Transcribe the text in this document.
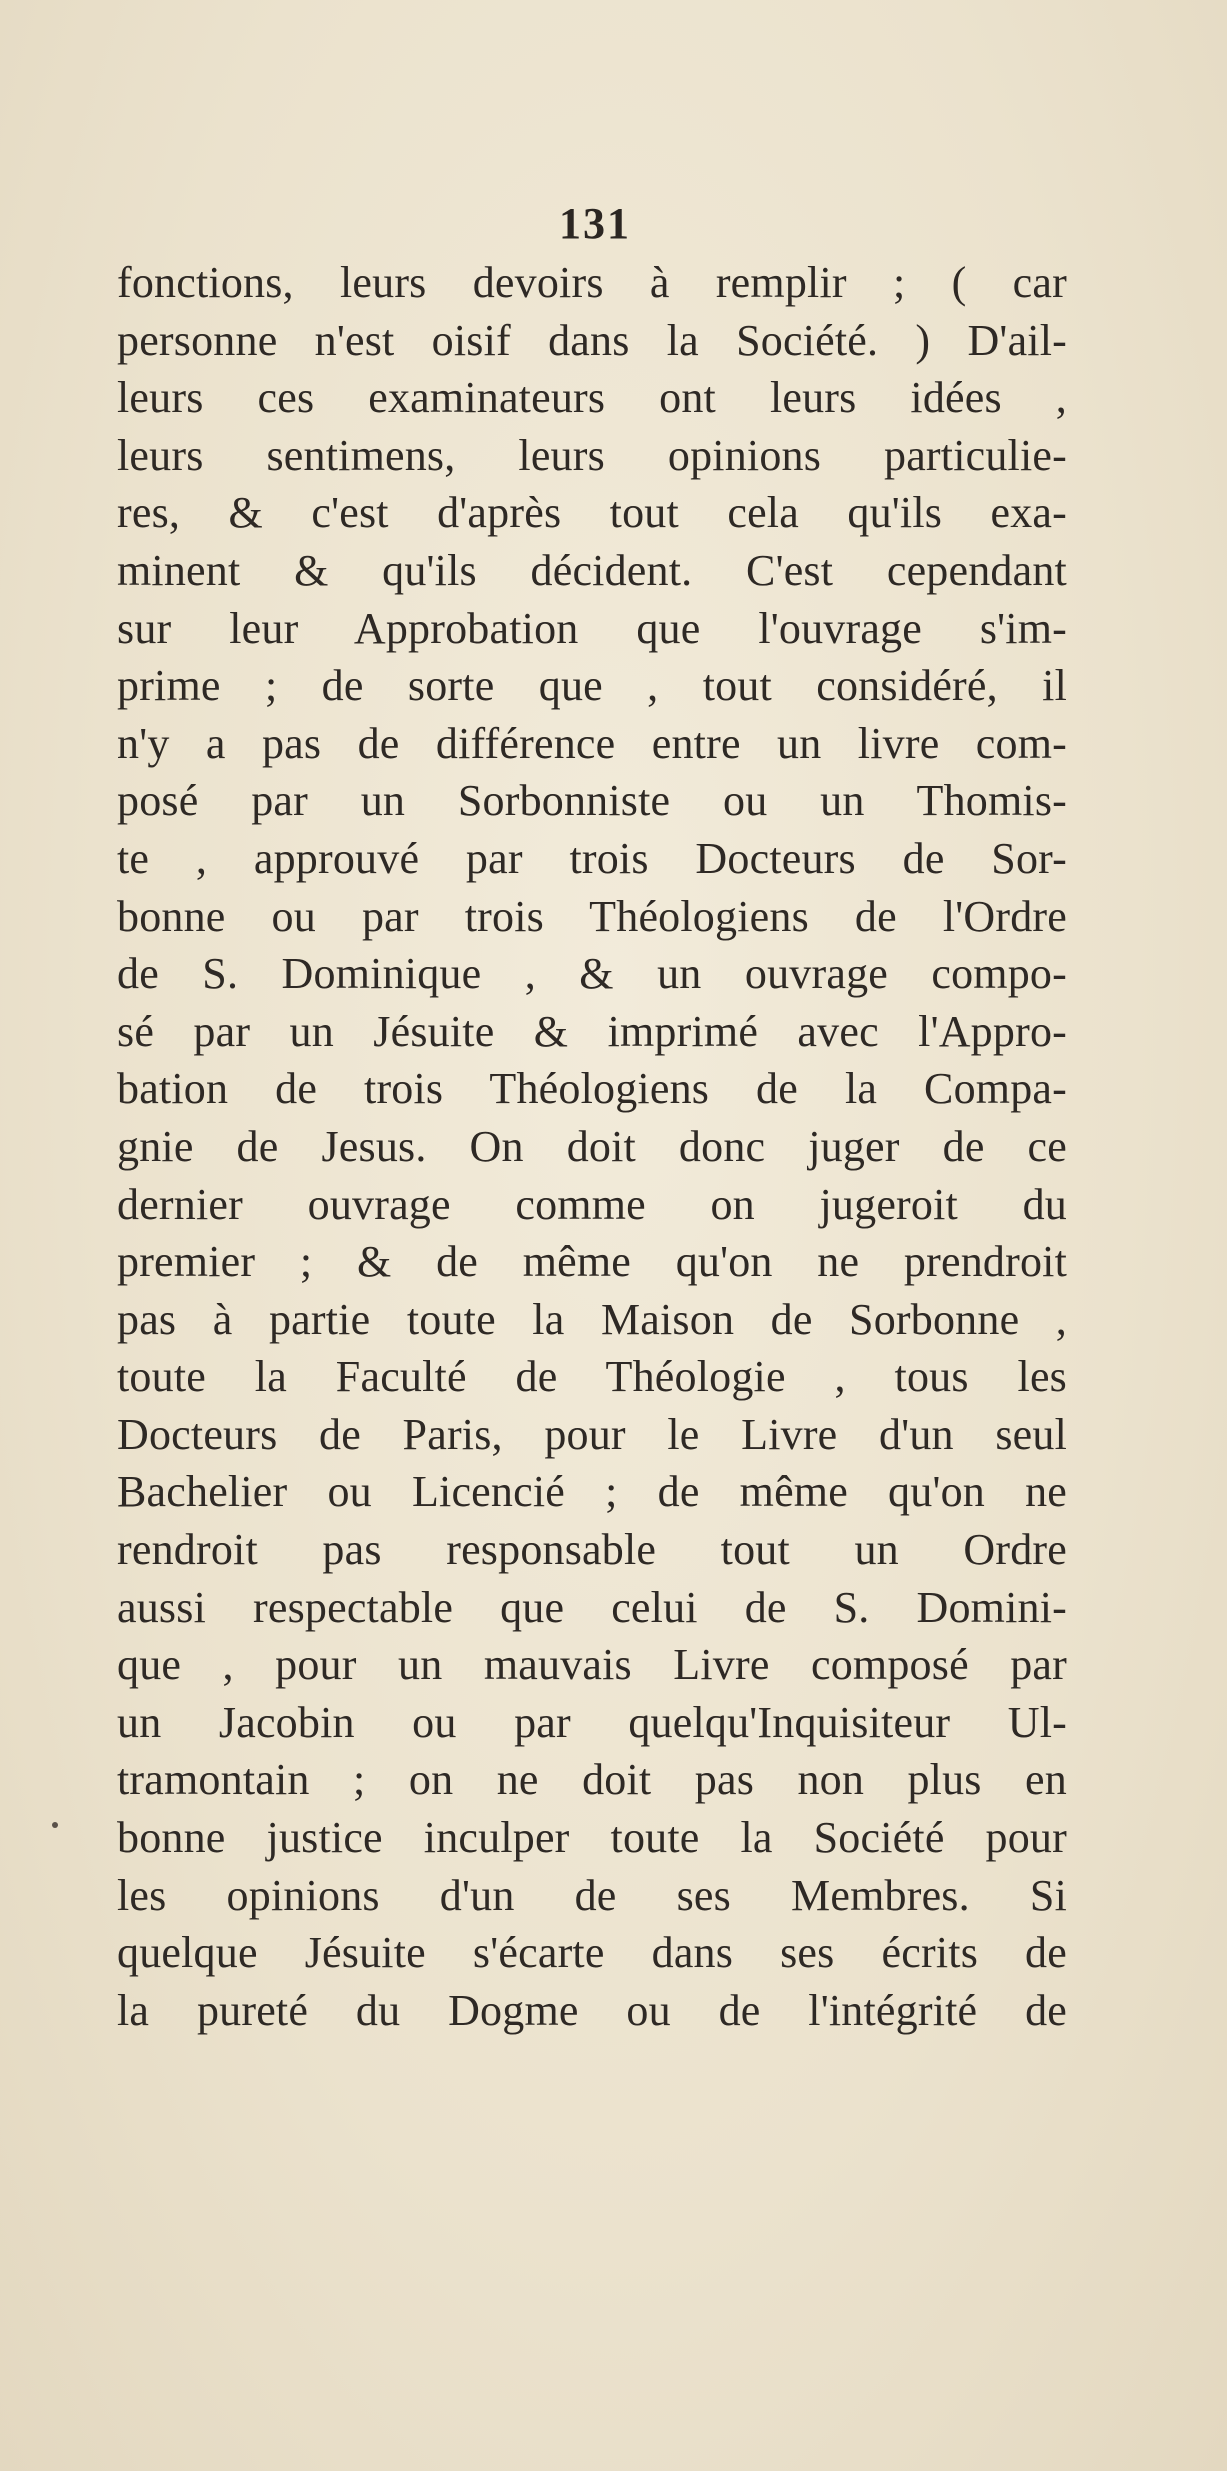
131
fonctions, leurs devoirs à remplir ; ( car
personne n'est oisif dans la Société. ) D'ail-
leurs ces examinateurs ont leurs idées ,
leurs sentimens, leurs opinions particulie-
res, & c'est d'après tout cela qu'ils exa-
minent & qu'ils décident. C'est cependant
sur leur Approbation que l'ouvrage s'im-
prime ; de sorte que , tout considéré, il
n'y a pas de différence entre un livre com-
posé par un Sorbonniste ou un Thomis-
te , approuvé par trois Docteurs de Sor-
bonne ou par trois Théologiens de l'Ordre
de S. Dominique , & un ouvrage compo-
sé par un Jésuite & imprimé avec l'Appro-
bation de trois Théologiens de la Compa-
gnie de Jesus. On doit donc juger de ce
dernier ouvrage comme on jugeroit du
premier ; & de même qu'on ne prendroit
pas à partie toute la Maison de Sorbonne ,
toute la Faculté de Théologie , tous les
Docteurs de Paris, pour le Livre d'un seul
Bachelier ou Licencié ; de même qu'on ne
rendroit pas responsable tout un Ordre
aussi respectable que celui de S. Domini-
que , pour un mauvais Livre composé par
un Jacobin ou par quelqu'Inquisiteur Ul-
tramontain ; on ne doit pas non plus en
bonne justice inculper toute la Société pour
les opinions d'un de ses Membres. Si
quelque Jésuite s'écarte dans ses écrits de
la pureté du Dogme ou de l'intégrité de
